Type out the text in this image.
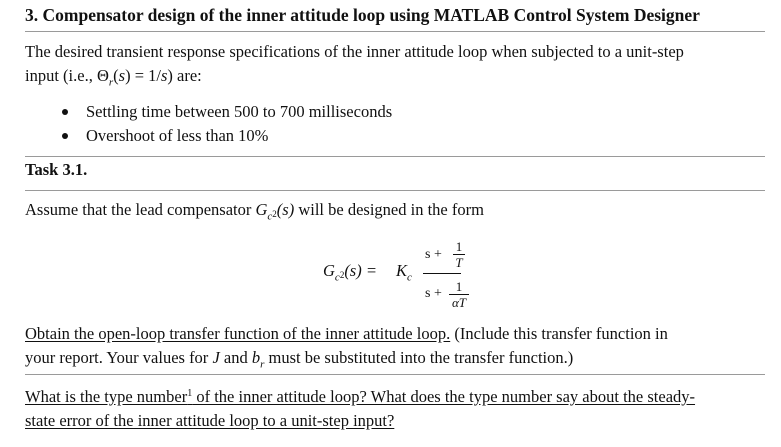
3. Compensator design of the inner attitude loop using MATLAB Control System Designer
The desired transient response specifications of the inner attitude loop when subjected to a unit-step
input (i.e., $\Theta_r(s) = 1/s$) are:
Settling time between 500 to 700 milliseconds
Overshoot of less than 10%
Task 3.1.
Assume that the lead compensator $G_c2(s)$ will be designed in the form
$G_c2(s) = K_c$
s +
1
T
s +	1
αT
Obtain the open-loop transfer function of the inner attitude loop. (Include this transfer function in
your report. Your values for J and $b_r$ must be substituted into the transfer function.)
What is the type number$^1$ of the inner attitude loop? What does the type number say about the steady-
state error of the inner attitude loop to a unit-step input?
